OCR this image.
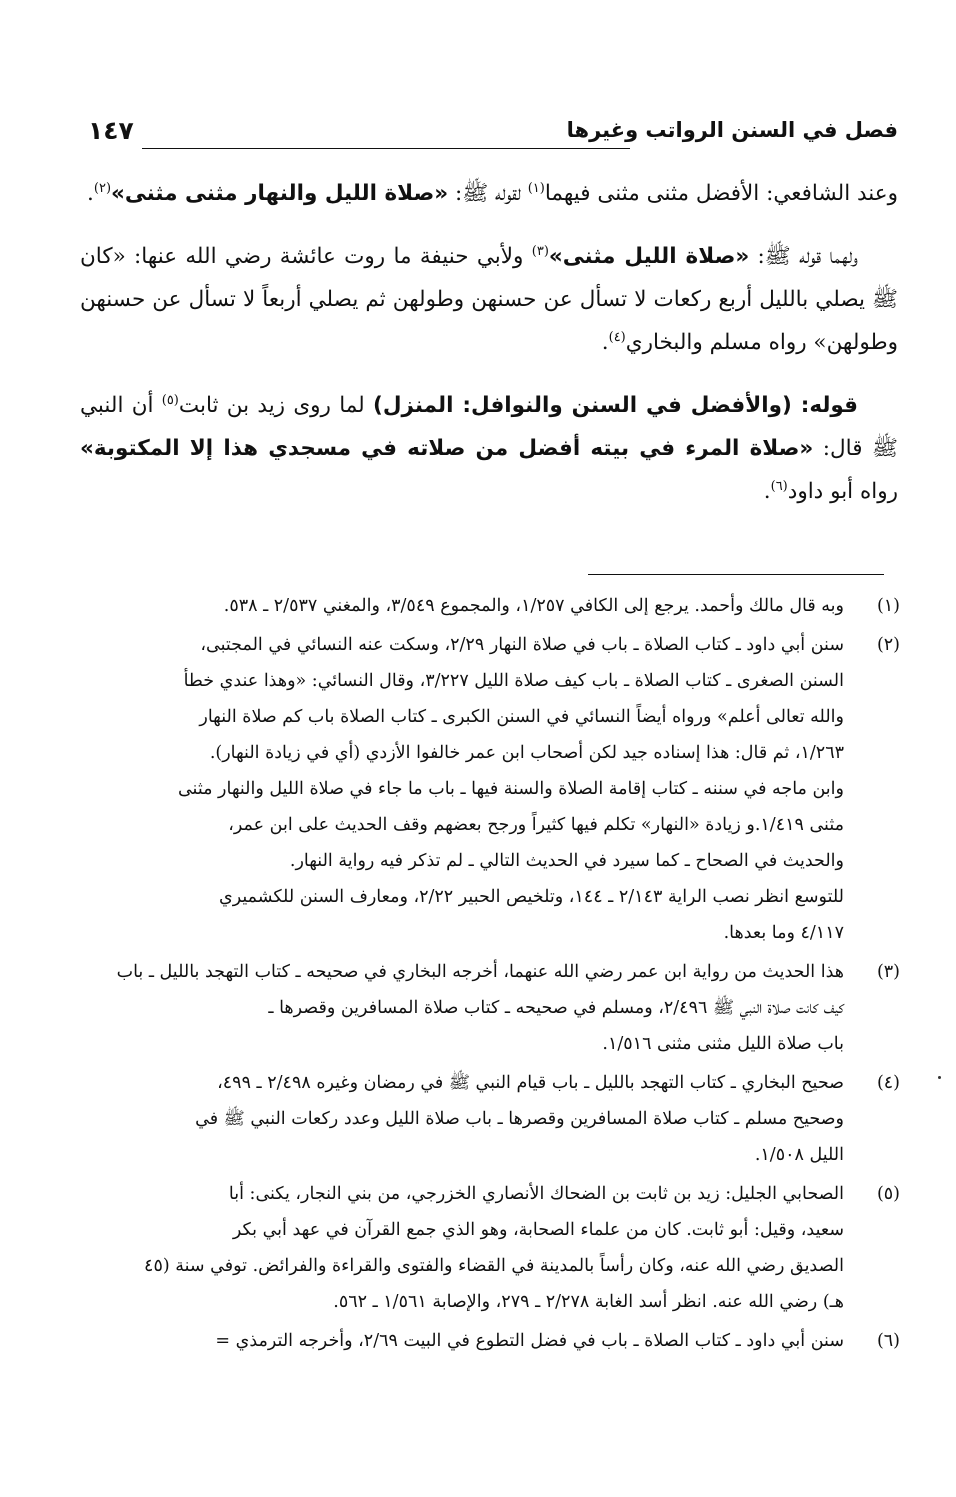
فصل في السنن الرواتب وغيرها
١٤٧

وعند الشافعي: الأفضل مثنى مثنى فيهما$^{(١)}$ لقوله ﷺ: «صلاة الليل والنهار مثنى مثنى»$^{(٢)}$.

ولهما قوله ﷺ: «صلاة الليل مثنى»$^{(٣)}$ ولأبي حنيفة ما روت عائشة رضي الله عنها: «كان ﷺ يصلي بالليل أربع ركعات لا تسأل عن حسنهن وطولهن ثم يصلي أربعاً لا تسأل عن حسنهن وطولهن» رواه مسلم والبخاري$^{(٤)}$.

قوله: (والأفضل في السنن والنوافل: المنزل) لما روى زيد بن ثابت$^{(٥)}$ أن النبي ﷺ قال: «صلاة المرء في بيته أفضل من صلاته في مسجدي هذا إلا المكتوبة» رواه أبو داود$^{(٦)}$.

(١)
وبه قال مالك وأحمد. يرجع إلى الكافي ١/٢٥٧، والمجموع ٣/٥٤٩، والمغني ٢/٥٣٧ ـ ٥٣٨.
(٢)
سنن أبي داود ـ كتاب الصلاة ـ باب في صلاة النهار ٢/٢٩، وسكت عنه النسائي في المجتبى،
السنن الصغرى ـ كتاب الصلاة ـ باب كيف صلاة الليل ٣/٢٢٧، وقال النسائي: «وهذا عندي خطأ
والله تعالى أعلم» ورواه أيضاً النسائي في السنن الكبرى ـ كتاب الصلاة باب كم صلاة النهار
١/٢٦٣، ثم قال: هذا إسناده جيد لكن أصحاب ابن عمر خالفوا الأزدي (أي في زيادة النهار).
وابن ماجه في سننه ـ كتاب إقامة الصلاة والسنة فيها ـ باب ما جاء في صلاة الليل والنهار مثنى
مثنى ١/٤١٩.و زيادة «النهار» تكلم فيها كثيراً ورجح بعضهم وقف الحديث على ابن عمر،
والحديث في الصحاح ـ كما سيرد في الحديث التالي ـ لم تذكر فيه رواية النهار.
للتوسع انظر نصب الراية ٢/١٤٣ ـ ١٤٤، وتلخيص الحبير ٢/٢٢، ومعارف السنن للكشميري
٤/١١٧ وما بعدها.
(٣)
هذا الحديث من رواية ابن عمر رضي الله عنهما، أخرجه البخاري في صحيحه ـ كتاب التهجد بالليل ـ باب
كيف كانت صلاة النبي ﷺ ٢/٤٩٦، ومسلم في صحيحه ـ كتاب صلاة المسافرين وقصرها ـ
باب صلاة الليل مثنى مثنى ١/٥١٦.
(٤)
صحيح البخاري ـ كتاب التهجد بالليل ـ باب قيام النبي ﷺ في رمضان وغيره ٢/٤٩٨ ـ ٤٩٩،
وصحيح مسلم ـ كتاب صلاة المسافرين وقصرها ـ باب صلاة الليل وعدد ركعات النبي ﷺ في
الليل ١/٥٠٨.
(٥)
الصحابي الجليل: زيد بن ثابت بن الضحاك الأنصاري الخزرجي، من بني النجار، يكنى: أبا
سعيد، وقيل: أبو ثابت. كان من علماء الصحابة، وهو الذي جمع القرآن في عهد أبي بكر
الصديق رضي الله عنه، وكان رأساً بالمدينة في القضاء والفتوى والقراءة والفرائض. توفي سنة (٤٥
هـ) رضي الله عنه. انظر أسد الغابة ٢/٢٧٨ ـ ٢٧٩، والإصابة ١/٥٦١ ـ ٥٦٢.
(٦)
سنن أبي داود ـ كتاب الصلاة ـ باب في فضل التطوع في البيت ٢/٦٩، وأخرجه الترمذي =
